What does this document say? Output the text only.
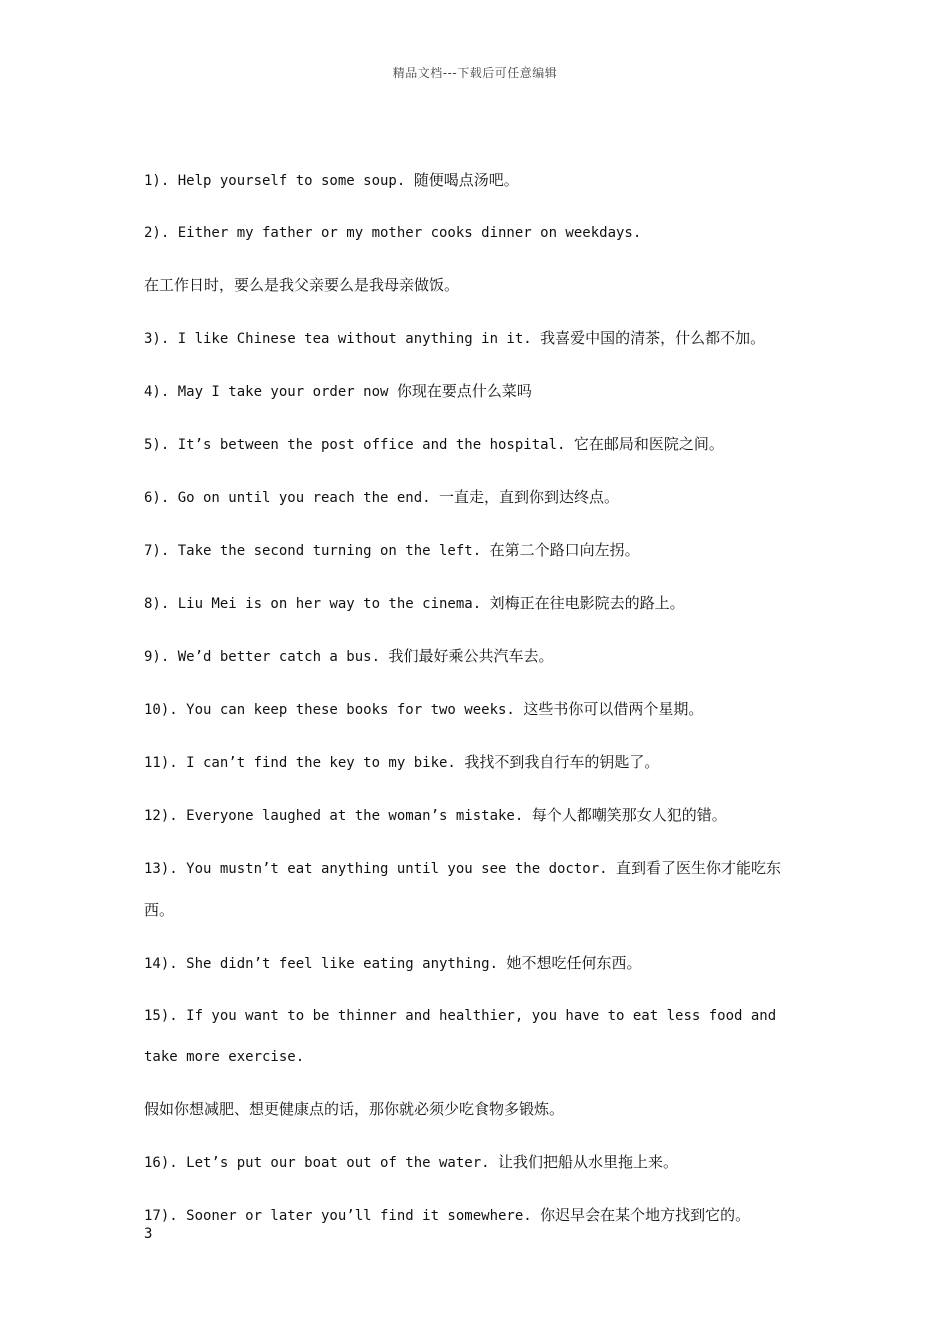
精品文档---下载后可任意编辑

1). Help yourself to some soup. 随便喝点汤吧。

2). Either my father or my mother cooks dinner on weekdays.

在工作日时，要么是我父亲要么是我母亲做饭。

3). I like Chinese tea without anything in it. 我喜爱中国的清茶，什么都不加。

4). May I take your order now 你现在要点什么菜吗

5). It’s between the post office and the hospital. 它在邮局和医院之间。

6). Go on until you reach the end. 一直走，直到你到达终点。

7). Take the second turning on the left. 在第二个路口向左拐。

8). Liu Mei is on her way to the cinema. 刘梅正在往电影院去的路上。

9). We’d better catch a bus. 我们最好乘公共汽车去。

10). You can keep these books for two weeks. 这些书你可以借两个星期。

11). I can’t find the key to my bike. 我找不到我自行车的钥匙了。

12). Everyone laughed at the woman’s mistake. 每个人都嘲笑那女人犯的错。

13). You mustn’t eat anything until you see the doctor. 直到看了医生你才能吃东

西。

14). She didn’t feel like eating anything. 她不想吃任何东西。

15). If you want to be thinner and healthier, you have to eat less food and

take more exercise.

假如你想减肥、想更健康点的话，那你就必须少吃食物多锻炼。

16). Let’s put our boat out of the water. 让我们把船从水里拖上来。

17). Sooner or later you’ll find it somewhere. 你迟早会在某个地方找到它的。

3
